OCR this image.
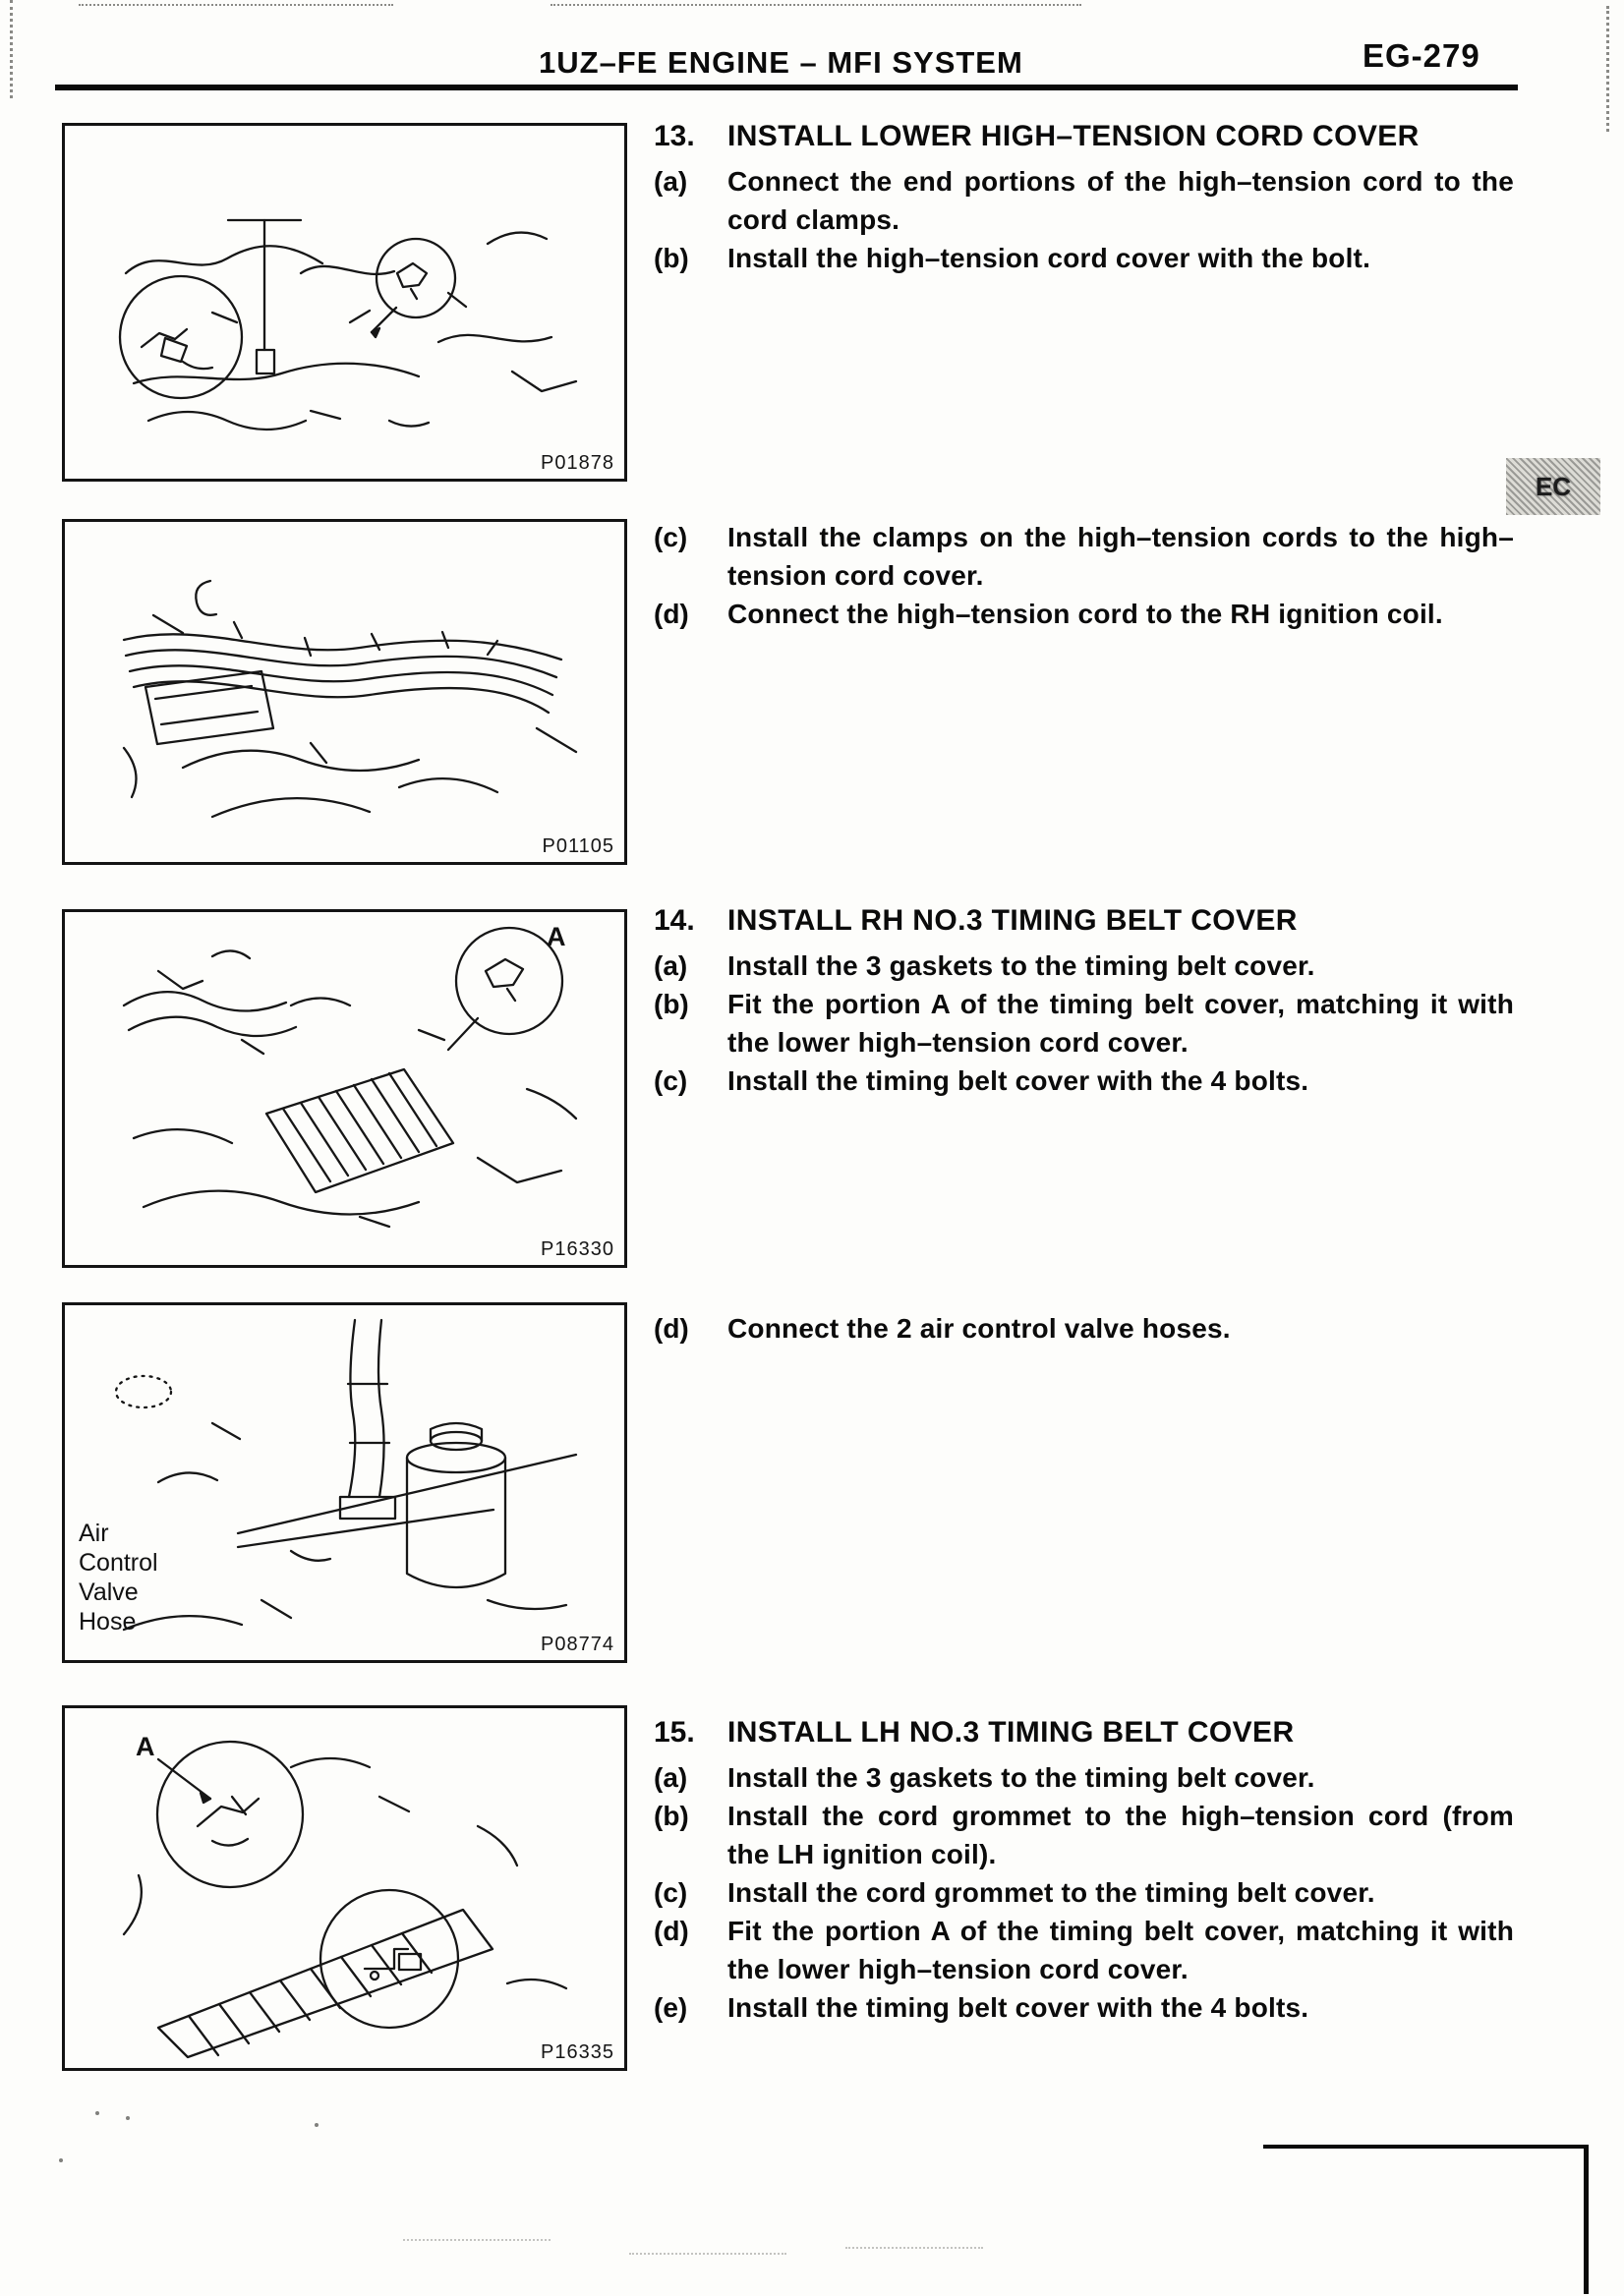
1UZ–FE ENGINE – MFI SYSTEM	EG-279
EC
P01878
P01105
A
P16330
Air
Control
Valve
Hose
P08774
A
P16335
13.	INSTALL LOWER HIGH–TENSION CORD COVER
(a)	Connect the end portions of the high–tension cord to the cord clamps.
(b)	Install the high–tension cord cover with the bolt.
(c)	Install the clamps on the high–tension cords to the high–tension cord cover.
(d)	Connect the high–tension cord to the RH ignition coil.
14.	INSTALL RH NO.3 TIMING BELT COVER
(a)	Install the 3 gaskets to the timing belt cover.
(b)	Fit the portion A of the timing belt cover, matching it with the lower high–tension cord cover.
(c)	Install the timing belt cover with the 4 bolts.
(d)	Connect the 2 air control valve hoses.
15.	INSTALL LH NO.3 TIMING BELT COVER
(a)	Install the 3 gaskets to the timing belt cover.
(b)	Install the cord grommet to the high–tension cord (from the LH ignition coil).
(c)	Install the cord grommet to the timing belt cover.
(d)	Fit the portion A of the timing belt cover, matching it with the lower high–tension cord cover.
(e)	Install the timing belt cover with the 4 bolts.
